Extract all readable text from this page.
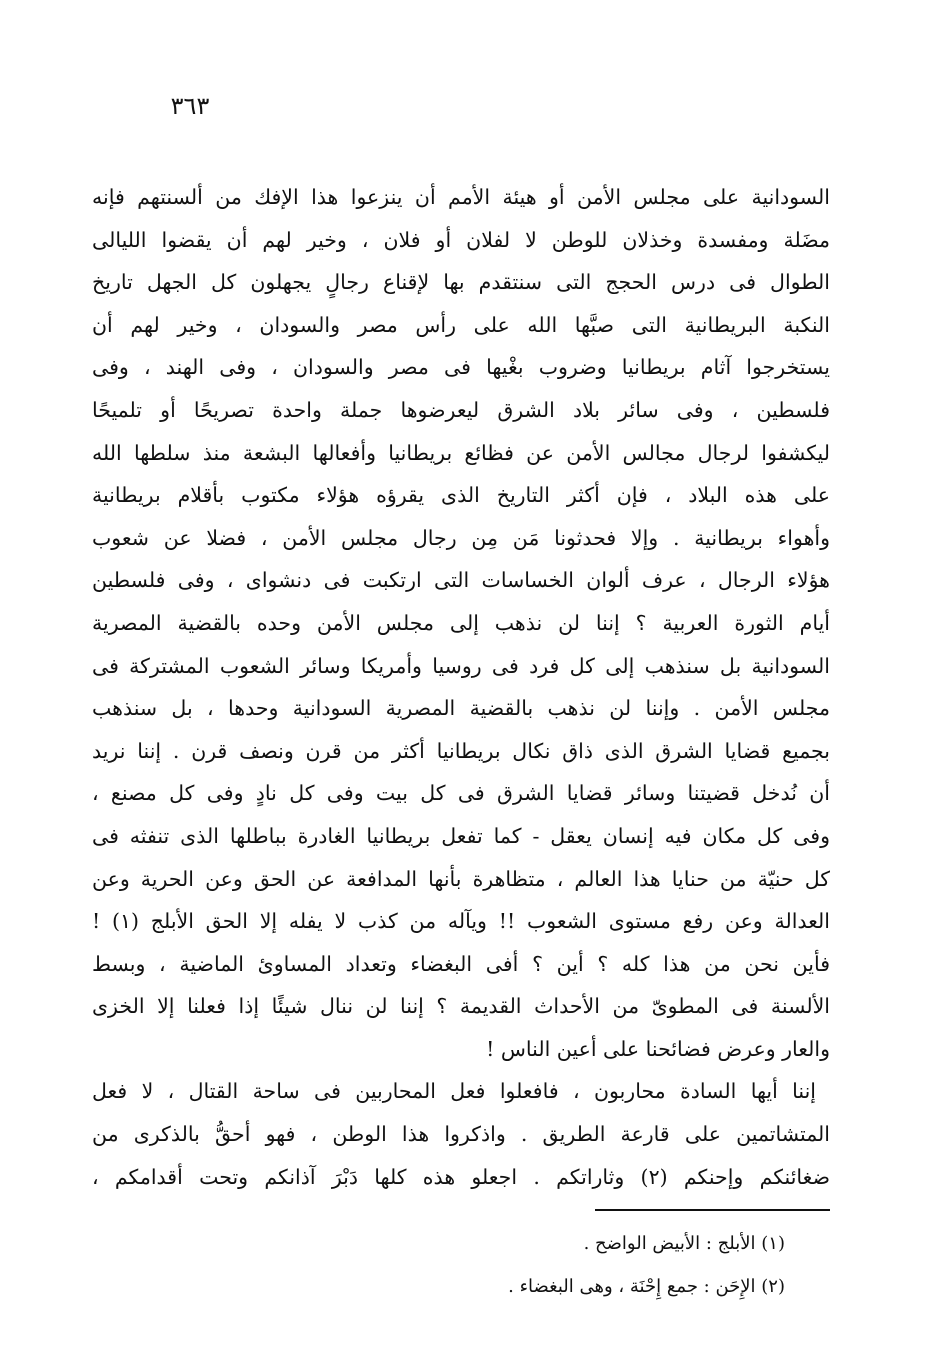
٣٦٣
السودانية على مجلس الأمن أو هيئة الأمم أن ينزعوا هذا الإفك من ألسنتهم فإنه
مضَلة ومفسدة وخذلان للوطن لا لفلان أو فلان ، وخير لهم أن يقضوا الليالى
الطوال فى درس الحجج التى سنتقدم بها لإقناع رجالٍ يجهلون كل الجهل تاريخ
النكبة البريطانية التى صبَّها الله على رأس مصر والسودان ، وخير لهم أن
يستخرجوا آثام بريطانيا وضروب بغْيها فى مصر والسودان ، وفى الهند ، وفى
فلسطين ، وفى سائر بلاد الشرق ليعرضوها جملة واحدة تصريحًا أو تلميحًا
ليكشفوا لرجال مجالس الأمن عن فظائع بريطانيا وأفعالها البشعة منذ سلطها الله
على هذه البلاد ، فإن أكثر التاريخ الذى يقرؤه هؤلاء مكتوب بأقلام بريطانية
وأهواء بريطانية . وإلا فحدثونا مَن مِن رجال مجلس الأمن ، فضلا عن شعوب
هؤلاء الرجال ، عرف ألوان الخساسات التى ارتكبت فى دنشواى ، وفى فلسطين
أيام الثورة العربية ؟ إننا لن نذهب إلى مجلس الأمن وحده بالقضية المصرية
السودانية بل سنذهب إلى كل فرد فى روسيا وأمريكا وسائر الشعوب المشتركة فى
مجلس الأمن . وإننا لن نذهب بالقضية المصرية السودانية وحدها ، بل سنذهب
بجميع قضايا الشرق الذى ذاق نكال بريطانيا أكثر من قرن ونصف قرن . إننا نريد
أن نُدخل قضيتنا وسائر قضايا الشرق فى كل بيت وفى كل نادٍ وفى كل مصنع ،
وفى كل مكان فيه إنسان يعقل - كما تفعل بريطانيا الغادرة بباطلها الذى تنفثه فى
كل حنيّة من حنايا هذا العالم ، متظاهرة بأنها المدافعة عن الحق وعن الحرية وعن
العدالة وعن رفع مستوى الشعوب !! ويآله من كذب لا يفله إلا الحق الأبلج (١) !
فأين نحن من هذا كله ؟ أين ؟ أفى البغضاء وتعداد المساوئ الماضية ، وبسط
الألسنة فى المطوىّ من الأحداث القديمة ؟ إننا لن ننال شيئًا إذا فعلنا إلا الخزى
والعار وعرض فضائحنا على أعين الناس !
إننا أيها السادة محاربون ، فافعلوا فعل المحاربين فى ساحة القتال ، لا فعل
المتشاتمين على قارعة الطريق . واذكروا هذا الوطن ، فهو أحقُّ بالذكرى من
ضغائنكم وإحنكم (٢) وثاراتكم . اجعلو هذه كلها دَبْرَ آذانكم وتحت أقدامكم ،
(١) الأبلج : الأبيض الواضح .
(٢) الإِحَن : جمع إِحْنَة ، وهى البغضاء .
